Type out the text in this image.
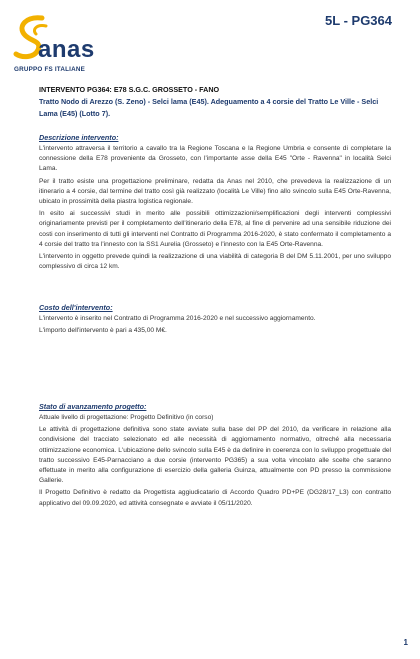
anas
GRUPPO FS ITALIANE
5L - PG364
INTERVENTO PG364: E78 S.G.C. GROSSETO - FANO
Tratto Nodo di Arezzo (S. Zeno) - Selci lama (E45). Adeguamento a 4 corsie del Tratto Le Ville - Selci Lama (E45) (Lotto 7).
Descrizione intervento:

L'intervento attraversa il territorio a cavallo tra la Regione Toscana e la Regione Umbria e consente di completare la connessione della E78 proveniente da Grosseto, con l'importante asse della E45 "Orte - Ravenna" in località Selci Lama.

Per il tratto esiste una progettazione preliminare, redatta da Anas nel 2010, che prevedeva la realizzazione di un itinerario a 4 corsie, dal termine del tratto così già realizzato (località Le Ville) fino allo svincolo sulla E45 Orte-Ravenna, ubicato in prossimità della piastra logistica regionale.

In esito ai successivi studi in merito alle possibili ottimizzazioni/semplificazioni degli interventi complessivi originariamente previsti per il completamento dell'itinerario della E78, al fine di pervenire ad una sensibile riduzione dei costi con inserimento di tutti gli interventi nel Contratto di Programma 2016-2020, è stato confermato il completamento a 4 corsie del tratto tra l'innesto con la SS1 Aurelia (Grosseto) e l'innesto con la E45 Orte-Ravenna.

L'intervento in oggetto prevede quindi la realizzazione di una viabilità di categoria B del DM 5.11.2001, per uno sviluppo complessivo di circa 12 km.

Costo dell'intervento:

L'intervento è inserito nel Contratto di Programma 2016-2020 e nel successivo aggiornamento.

L'importo dell'intervento è pari a 435,00 M€.

Stato di avanzamento progetto:

Attuale livello di progettazione: Progetto Definitivo (in corso)

Le attività di progettazione definitiva sono state avviate sulla base del PP del 2010, da verificare in relazione alla condivisione del tracciato selezionato ed alle necessità di aggiornamento normativo, oltreché alla necessaria ottimizzazione economica. L'ubicazione dello svincolo sulla E45 è da definire in coerenza con lo sviluppo progettuale del tratto successivo E45-Parnacciano a due corsie (intervento PG365) a sua volta vincolato alle scelte che saranno effettuate in merito alla configurazione di esercizio della galleria Guinza, attualmente con PD presso la commissione Gallerie.

Il Progetto Definitivo è redatto da Progettista aggiudicatario di Accordo Quadro PD+PE (DG28/17_L3) con contratto applicativo del 09.09.2020, ed attività consegnate e avviate il 05/11/2020.

1
